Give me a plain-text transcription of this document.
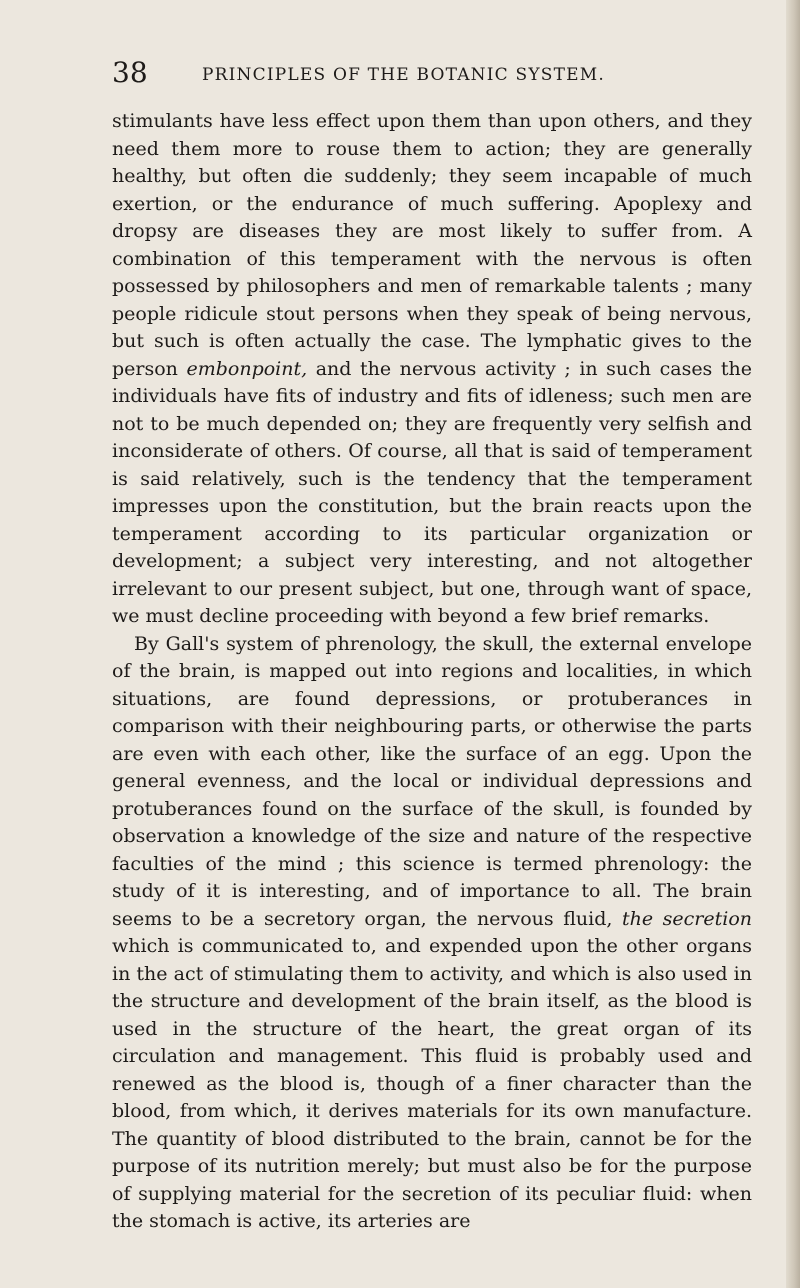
38	PRINCIPLES OF THE BOTANIC SYSTEM.

stimulants have less effect upon them than upon others, and they need them more to rouse them to action; they are generally healthy, but often die suddenly; they seem incapable of much exertion, or the endurance of much suffering. Apoplexy and dropsy are diseases they are most likely to suffer from. A combination of this temperament with the nervous is often possessed by philosophers and men of remarkable talents ; many people ridicule stout persons when they speak of being nervous, but such is often actually the case. The lymphatic gives to the person embonpoint, and the nervous activity ; in such cases the individuals have fits of industry and fits of idleness; such men are not to be much depended on; they are frequently very selfish and inconsiderate of others. Of course, all that is said of temperament is said relatively, such is the tendency that the temperament impresses upon the constitution, but the brain reacts upon the temperament according to its particular organization or development; a subject very interesting, and not altogether irrelevant to our present subject, but one, through want of space, we must decline proceeding with beyond a few brief remarks.

By Gall's system of phrenology, the skull, the external envelope of the brain, is mapped out into regions and localities, in which situations, are found depressions, or protuberances in comparison with their neighbouring parts, or otherwise the parts are even with each other, like the surface of an egg. Upon the general evenness, and the local or individual depressions and protuberances found on the surface of the skull, is founded by observation a knowledge of the size and nature of the respective faculties of the mind ; this science is termed phrenology: the study of it is interesting, and of importance to all. The brain seems to be a secretory organ, the nervous fluid, the secretion which is communicated to, and expended upon the other organs in the act of stimulating them to activity, and which is also used in the structure and development of the brain itself, as the blood is used in the structure of the heart, the great organ of its circulation and management. This fluid is probably used and renewed as the blood is, though of a finer character than the blood, from which, it derives materials for its own manufacture. The quantity of blood distributed to the brain, cannot be for the purpose of its nutrition merely; but must also be for the purpose of supplying material for the secretion of its peculiar fluid: when the stomach is active, its arteries are
